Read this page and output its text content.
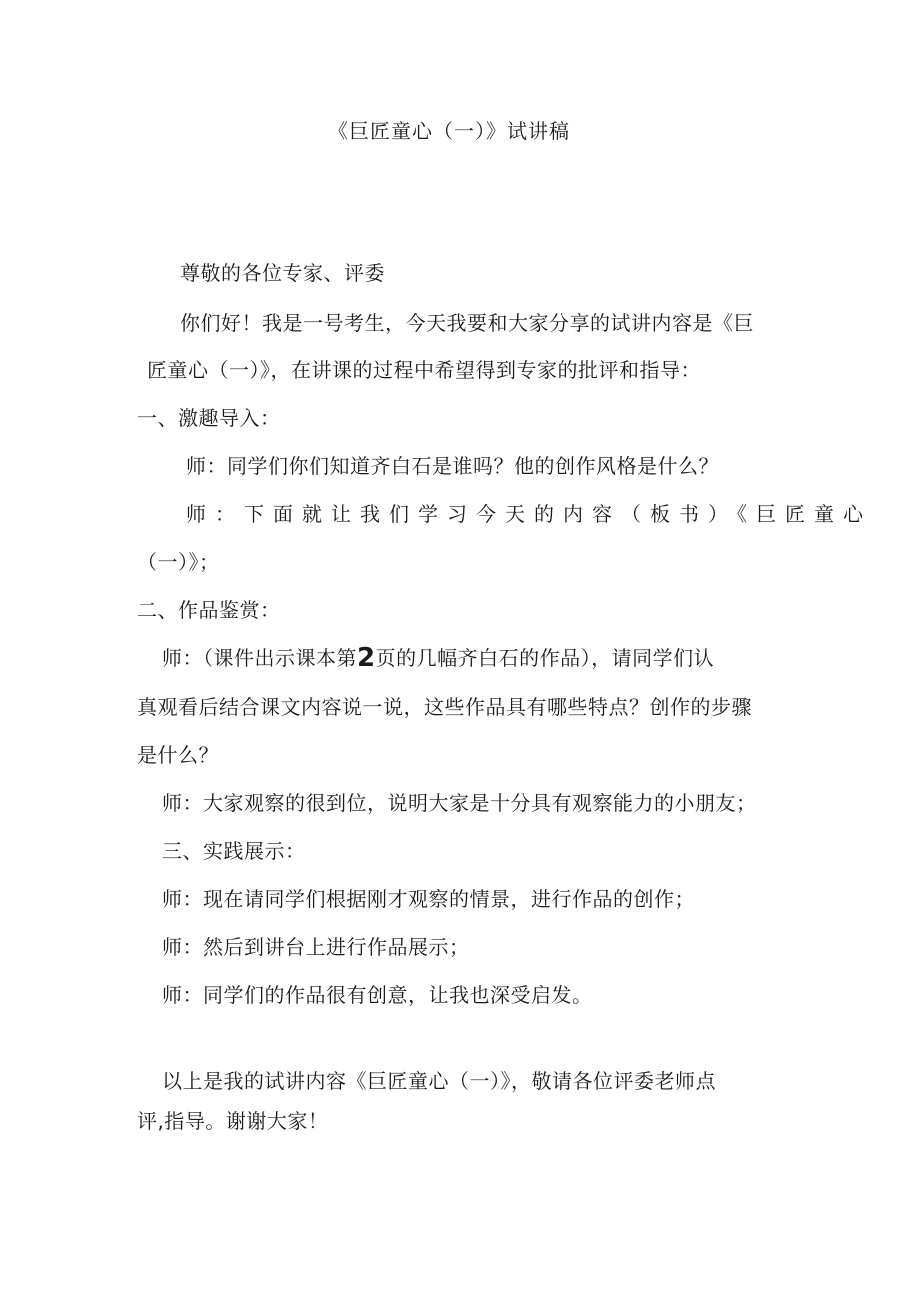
《巨匠童心（一）》试讲稿
尊敬的各位专家、评委
你们好！我是一号考生，今天我要和大家分享的试讲内容是《巨
匠童心（一）》，在讲课的过程中希望得到专家的批评和指导：
一、激趣导入：
师：同学们你们知道齐白石是谁吗？他的创作风格是什么？
师：下面就让我们学习今天的内容（板书）《巨匠童心
（一）》；
二、作品鉴赏：
师：（课件出示课本第2页的几幅齐白石的作品），请同学们认
真观看后结合课文内容说一说，这些作品具有哪些特点？创作的步骤
是什么？
师：大家观察的很到位，说明大家是十分具有观察能力的小朋友；
三、实践展示：
师：现在请同学们根据刚才观察的情景，进行作品的创作；
师：然后到讲台上进行作品展示；
师：同学们的作品很有创意，让我也深受启发。
以上是我的试讲内容《巨匠童心（一）》，敬请各位评委老师点
评,指导。谢谢大家！
